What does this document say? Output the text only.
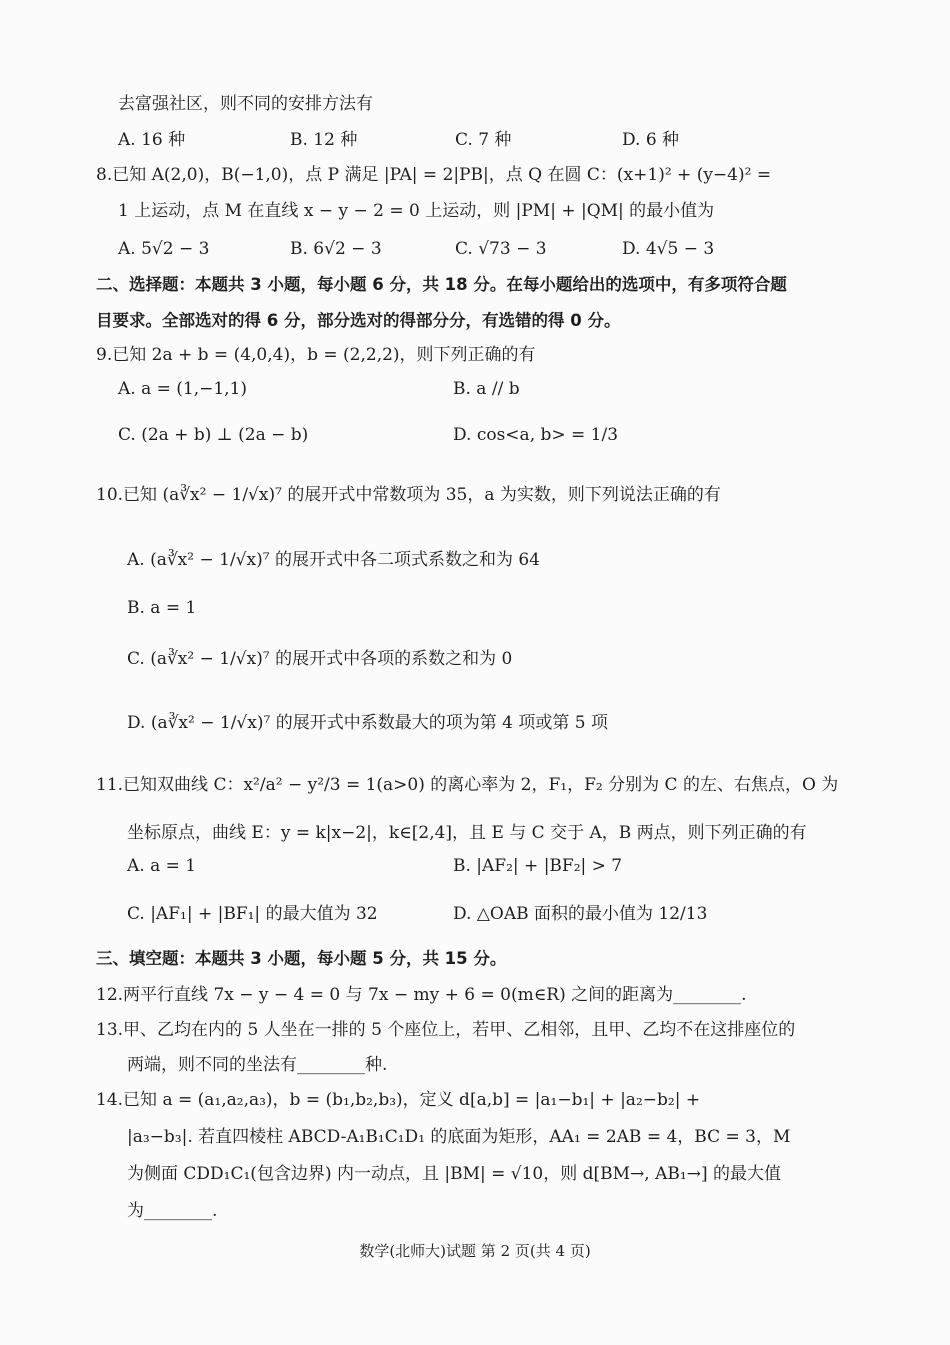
去富强社区，则不同的安排方法有
A. 16 种	B. 12 种	C. 7 种	D. 6 种
8.已知 A(2,0)，B(−1,0)，点 P 满足 |PA| = 2|PB|，点 Q 在圆 C：(x+1)² + (y−4)² =
1 上运动，点 M 在直线 x − y − 2 = 0 上运动，则 |PM| + |QM| 的最小值为
A. 5√2 − 3	B. 6√2 − 3	C. √73 − 3	D. 4√5 − 3
二、选择题：本题共 3 小题，每小题 6 分，共 18 分。在每小题给出的选项中，有多项符合题
目要求。全部选对的得 6 分，部分选对的得部分分，有选错的得 0 分。
9.已知 2a + b = (4,0,4)，b = (2,2,2)，则下列正确的有
A. a = (1,−1,1)	B. a // b
C. (2a + b) ⊥ (2a − b)	D. cos<a, b> = 1/3
10.已知 (a∛x² − 1/√x)⁷ 的展开式中常数项为 35，a 为实数，则下列说法正确的有
A. (a∛x² − 1/√x)⁷ 的展开式中各二项式系数之和为 64
B. a = 1
C. (a∛x² − 1/√x)⁷ 的展开式中各项的系数之和为 0
D. (a∛x² − 1/√x)⁷ 的展开式中系数最大的项为第 4 项或第 5 项
11.已知双曲线 C：x²/a² − y²/3 = 1(a>0) 的离心率为 2，F₁，F₂ 分别为 C 的左、右焦点，O 为
坐标原点，曲线 E：y = k|x−2|，k∈[2,4]，且 E 与 C 交于 A，B 两点，则下列正确的有
A. a = 1	B. |AF₂| + |BF₂| > 7
C. |AF₁| + |BF₁| 的最大值为 32	D. △OAB 面积的最小值为 12/13
三、填空题：本题共 3 小题，每小题 5 分，共 15 分。
12.两平行直线 7x − y − 4 = 0 与 7x − my + 6 = 0(m∈R) 之间的距离为________.
13.甲、乙均在内的 5 人坐在一排的 5 个座位上，若甲、乙相邻，且甲、乙均不在这排座位的
两端，则不同的坐法有________种.
14.已知 a = (a₁,a₂,a₃)，b = (b₁,b₂,b₃)，定义 d[a,b] = |a₁−b₁| + |a₂−b₂| +
|a₃−b₃|. 若直四棱柱 ABCD-A₁B₁C₁D₁ 的底面为矩形，AA₁ = 2AB = 4，BC = 3，M
为侧面 CDD₁C₁(包含边界) 内一动点，且 |BM| = √10，则 d[BM→, AB₁→] 的最大值
为________.
数学(北师大)试题 第 2 页(共 4 页)
